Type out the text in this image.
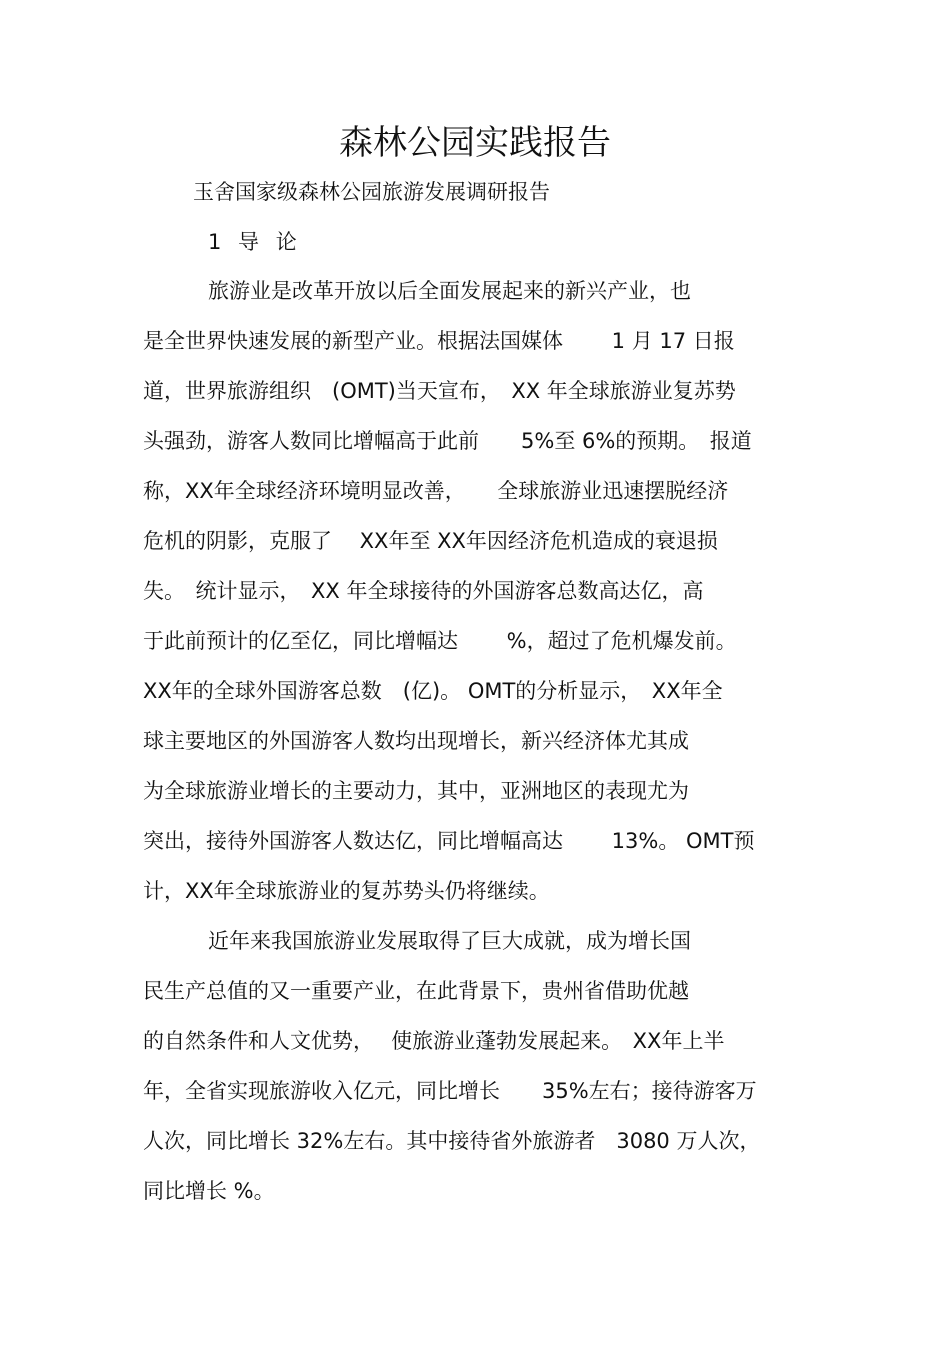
森林公园实践报告
玉舍国家级森林公园旅游发展调研报告
1 导 论
旅游业是改革开放以后全面发展起来的新兴产业，也
是全世界快速发展的新型产业。根据法国媒体　　 1 月 17 日报
道，世界旅游组织　(OMT)当天宣布，　XX 年全球旅游业复苏势
头强劲，游客人数同比增幅高于此前　　5%至 6%的预期。　报道
称，XX年全球经济环境明显改善，　　全球旅游业迅速摆脱经济
危机的阴影，克服了　 XX年至 XX年因经济危机造成的衰退损
失。　统计显示，　XX 年全球接待的外国游客总数高达亿，高
于此前预计的亿至亿，同比增幅达　　 %，超过了危机爆发前。
XX年的全球外国游客总数　(亿)。 OMT的分析显示，　XX年全
球主要地区的外国游客人数均出现增长，新兴经济体尤其成
为全球旅游业增长的主要动力，其中，亚洲地区的表现尤为
突出，接待外国游客人数达亿，同比增幅高达　　 13%。 OMT预
计，XX年全球旅游业的复苏势头仍将继续。
近年来我国旅游业发展取得了巨大成就，成为增长国
民生产总值的又一重要产业，在此背景下，贵州省借助优越
的自然条件和人文优势，　 使旅游业蓬勃发展起来。　XX年上半
年，全省实现旅游收入亿元，同比增长　　35%左右；接待游客万
人次，同比增长 32%左右。其中接待省外旅游者　3080 万人次，
同比增长 %。
